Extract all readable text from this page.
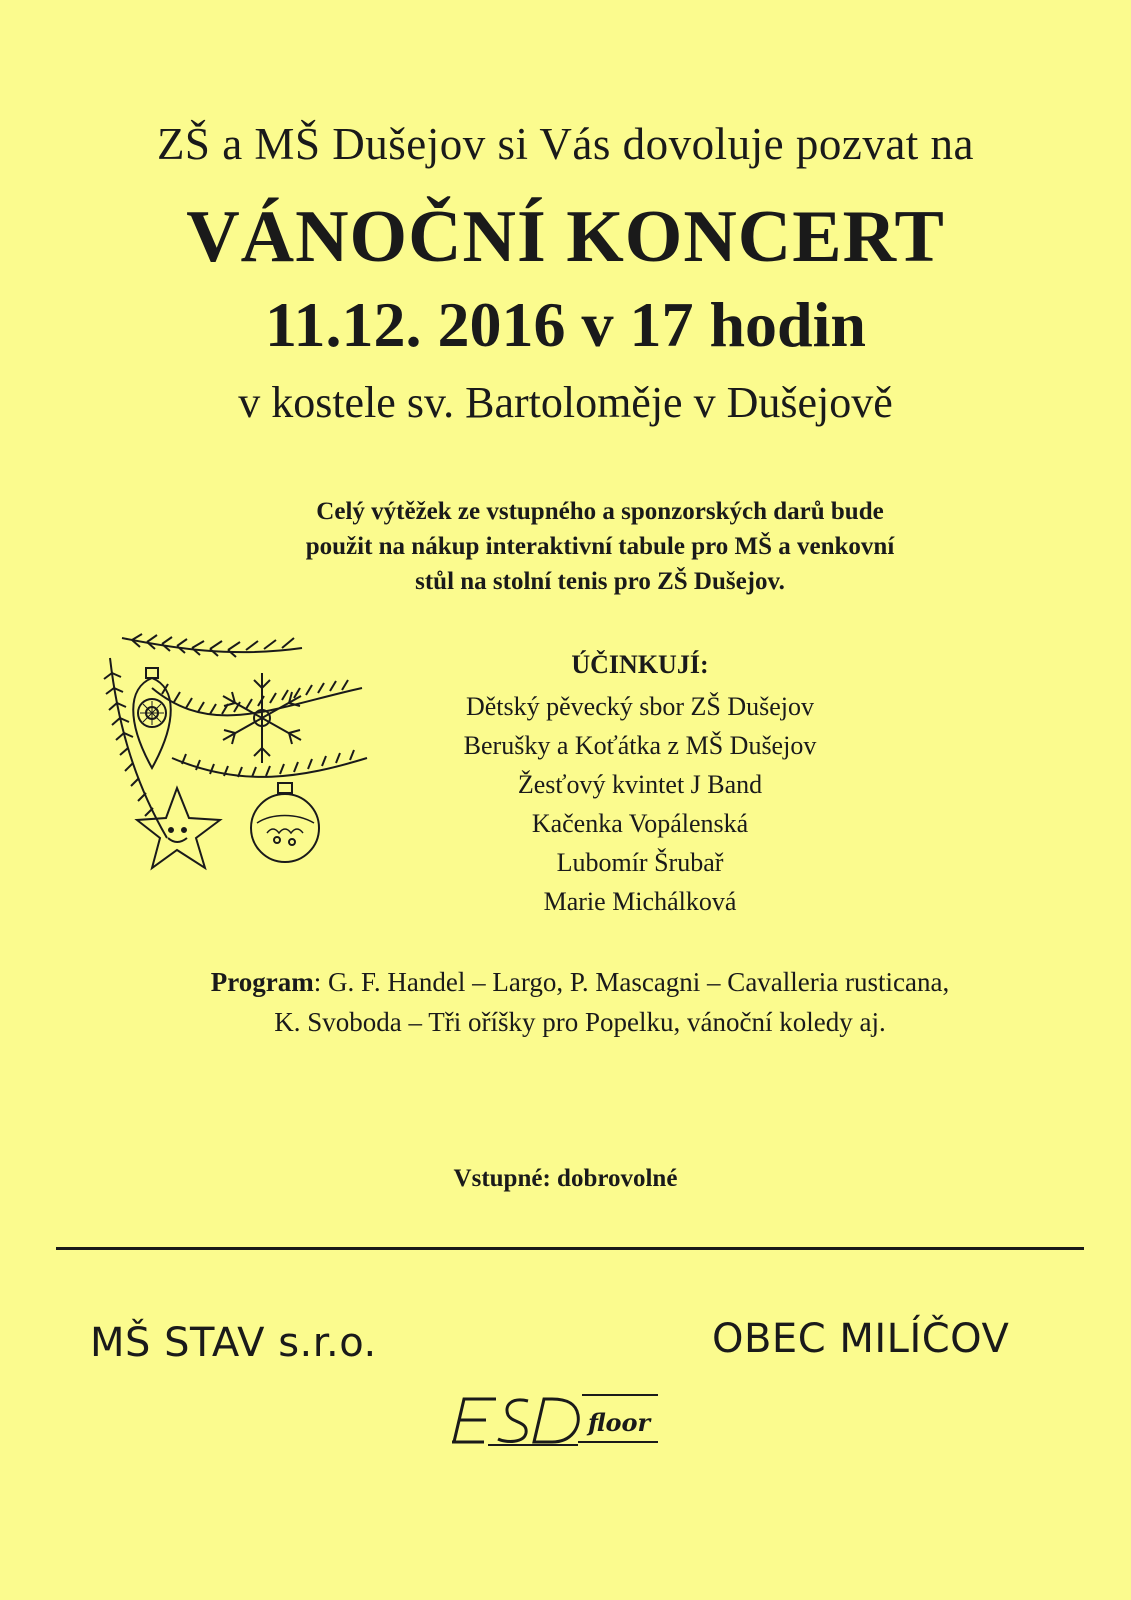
ZŠ a MŠ Dušejov si Vás dovoluje pozvat na
VÁNOČNÍ KONCERT
11.12. 2016 v 17 hodin
v kostele sv. Bartoloměje v Dušejově
Celý výtěžek ze vstupného a sponzorských darů bude
použit na nákup interaktivní tabule pro MŠ a venkovní
stůl na stolní tenis pro ZŠ Dušejov.
ÚČINKUJÍ:
Dětský pěvecký sbor ZŠ Dušejov
Berušky a Koťátka z MŠ Dušejov
Žesťový kvintet J Band
Kačenka Vopálenská
Lubomír Šrubař
Marie Michálková
Program: G. F. Handel – Largo, P. Mascagni – Cavalleria rusticana,
K. Svoboda – Tři oříšky pro Popelku, vánoční koledy aj.
Vstupné: dobrovolné
MŠ STAV s.r.o.	OBEC MILÍČOV
floor
